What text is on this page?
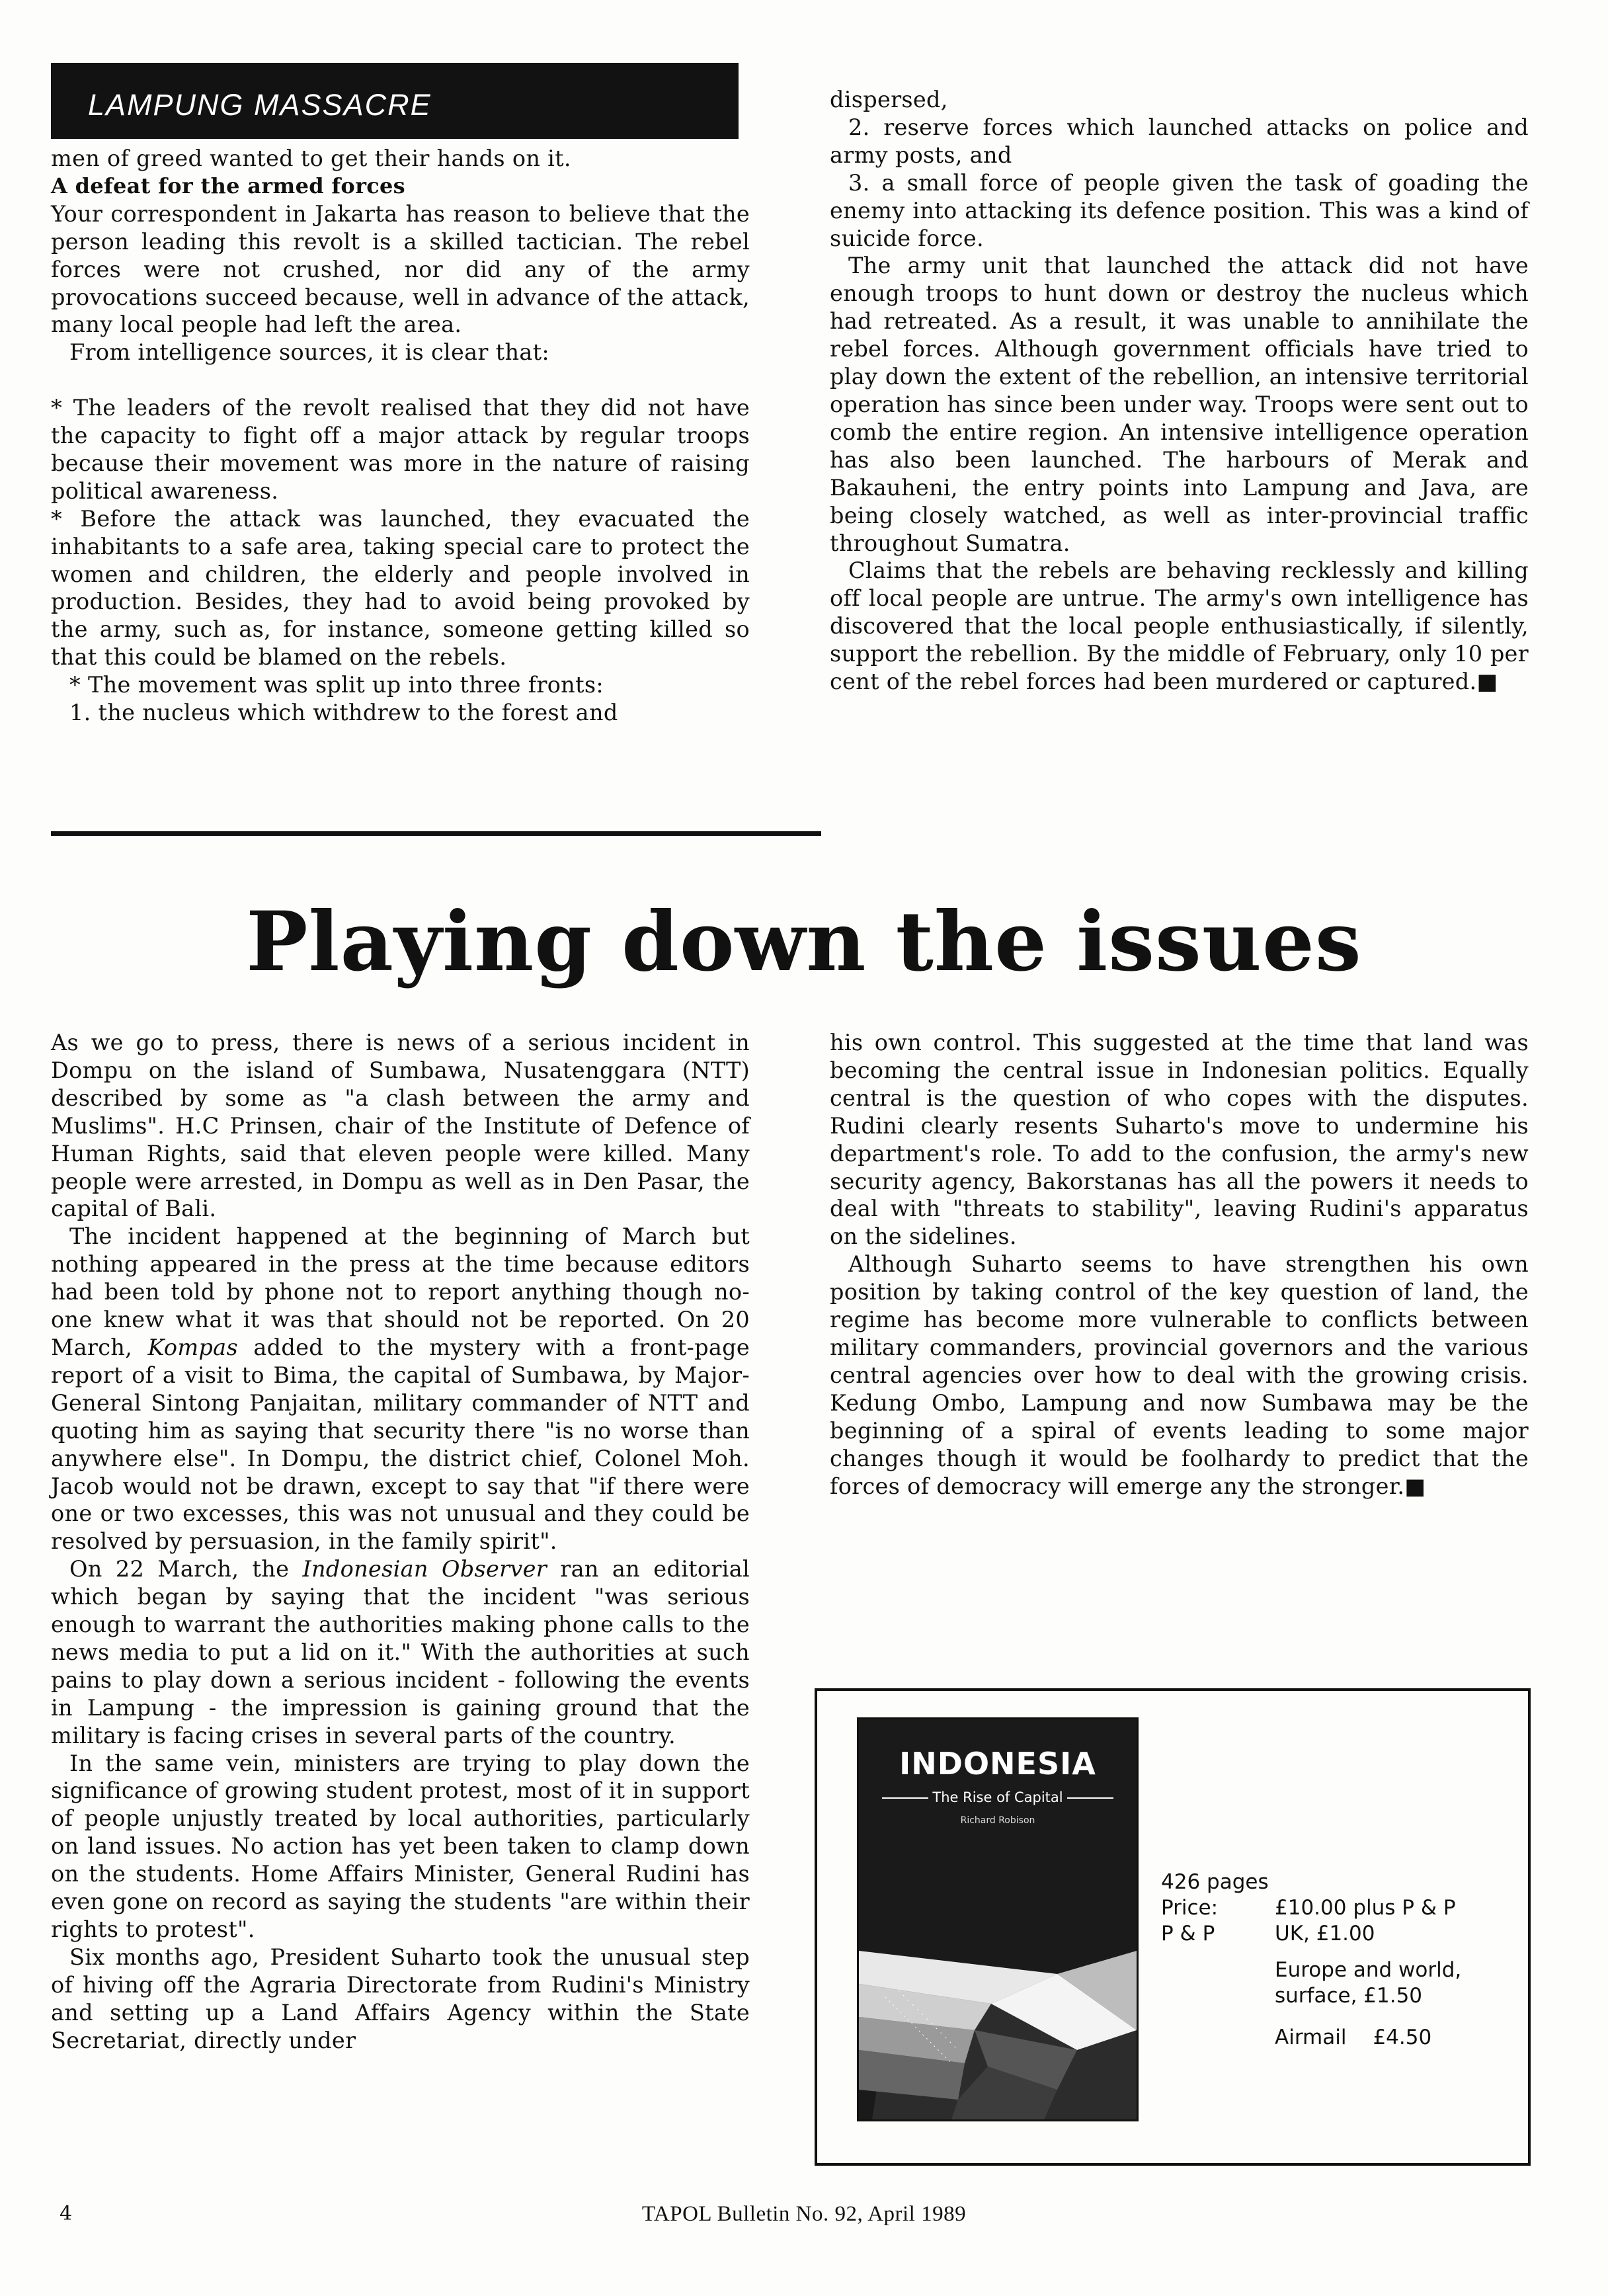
LAMPUNG MASSACRE

men of greed wanted to get their hands on it.

A defeat for the armed forces

Your correspondent in Jakarta has reason to believe that the person leading this revolt is a skilled tactician. The rebel forces were not crushed, nor did any of the army provocations succeed because, well in advance of the attack, many local people had left the area.

From intelligence sources, it is clear that:

* The leaders of the revolt realised that they did not have the capacity to fight off a major attack by regular troops because their movement was more in the nature of raising political awareness.

* Before the attack was launched, they evacuated the inhabitants to a safe area, taking special care to protect the women and children, the elderly and people involved in production. Besides, they had to avoid being provoked by the army, such as, for instance, someone getting killed so that this could be blamed on the rebels.

* The movement was split up into three fronts:

1. the nucleus which withdrew to the forest and

dispersed,

2. reserve forces which launched attacks on police and army posts, and

3. a small force of people given the task of goading the enemy into attacking its defence position. This was a kind of suicide force.

The army unit that launched the attack did not have enough troops to hunt down or destroy the nucleus which had retreated. As a result, it was unable to annihilate the rebel forces. Although government officials have tried to play down the extent of the rebellion, an intensive territorial operation has since been under way. Troops were sent out to comb the entire region. An intensive intelligence operation has also been launched. The harbours of Merak and Bakauheni, the entry points into Lampung and Java, are being closely watched, as well as inter-provincial traffic throughout Sumatra.

Claims that the rebels are behaving recklessly and killing off local people are untrue. The army's own intelligence has discovered that the local people enthusiastically, if silently, support the rebellion. By the middle of February, only 10 per cent of the rebel forces had been murdered or captured.■

Playing down the issues

As we go to press, there is news of a serious incident in Dompu on the island of Sumbawa, Nusatenggara (NTT) described by some as "a clash between the army and Muslims". H.C Prinsen, chair of the Institute of Defence of Human Rights, said that eleven people were killed. Many people were arrested, in Dompu as well as in Den Pasar, the capital of Bali.

The incident happened at the beginning of March but nothing appeared in the press at the time because editors had been told by phone not to report anything though no-one knew what it was that should not be reported. On 20 March, Kompas added to the mystery with a front-page report of a visit to Bima, the capital of Sumbawa, by Major-General Sintong Panjaitan, military commander of NTT and quoting him as saying that security there "is no worse than anywhere else". In Dompu, the district chief, Colonel Moh. Jacob would not be drawn, except to say that "if there were one or two excesses, this was not unusual and they could be resolved by persuasion, in the family spirit".

On 22 March, the Indonesian Observer ran an editorial which began by saying that the incident "was serious enough to warrant the authorities making phone calls to the news media to put a lid on it." With the authorities at such pains to play down a serious incident - following the events in Lampung - the impression is gaining ground that the military is facing crises in several parts of the country.

In the same vein, ministers are trying to play down the significance of growing student protest, most of it in support of people unjustly treated by local authorities, particularly on land issues. No action has yet been taken to clamp down on the students. Home Affairs Minister, General Rudini has even gone on record as saying the students "are within their rights to protest".

Six months ago, President Suharto took the unusual step of hiving off the Agraria Directorate from Rudini's Ministry and setting up a Land Affairs Agency within the State Secretariat, directly under

his own control. This suggested at the time that land was becoming the central issue in Indonesian politics. Equally central is the question of who copes with the disputes. Rudini clearly resents Suharto's move to undermine his department's role. To add to the confusion, the army's new security agency, Bakorstanas has all the powers it needs to deal with "threats to stability", leaving Rudini's apparatus on the sidelines.

Although Suharto seems to have strengthen his own position by taking control of the key question of land, the regime has become more vulnerable to conflicts between military commanders, provincial governors and the various central agencies over how to deal with the growing crisis. Kedung Ombo, Lampung and now Sumbawa may be the beginning of a spiral of events leading to some major changes though it would be foolhardy to predict that the forces of democracy will emerge any the stronger.■

INDONESIA
The Rise of Capital
Richard Robison
426 pages
Price:	£10.00 plus P & P
P & P	UK, £1.00
Europe and world,
surface, £1.50
Airmail £4.50
4	TAPOL Bulletin No. 92, April 1989
